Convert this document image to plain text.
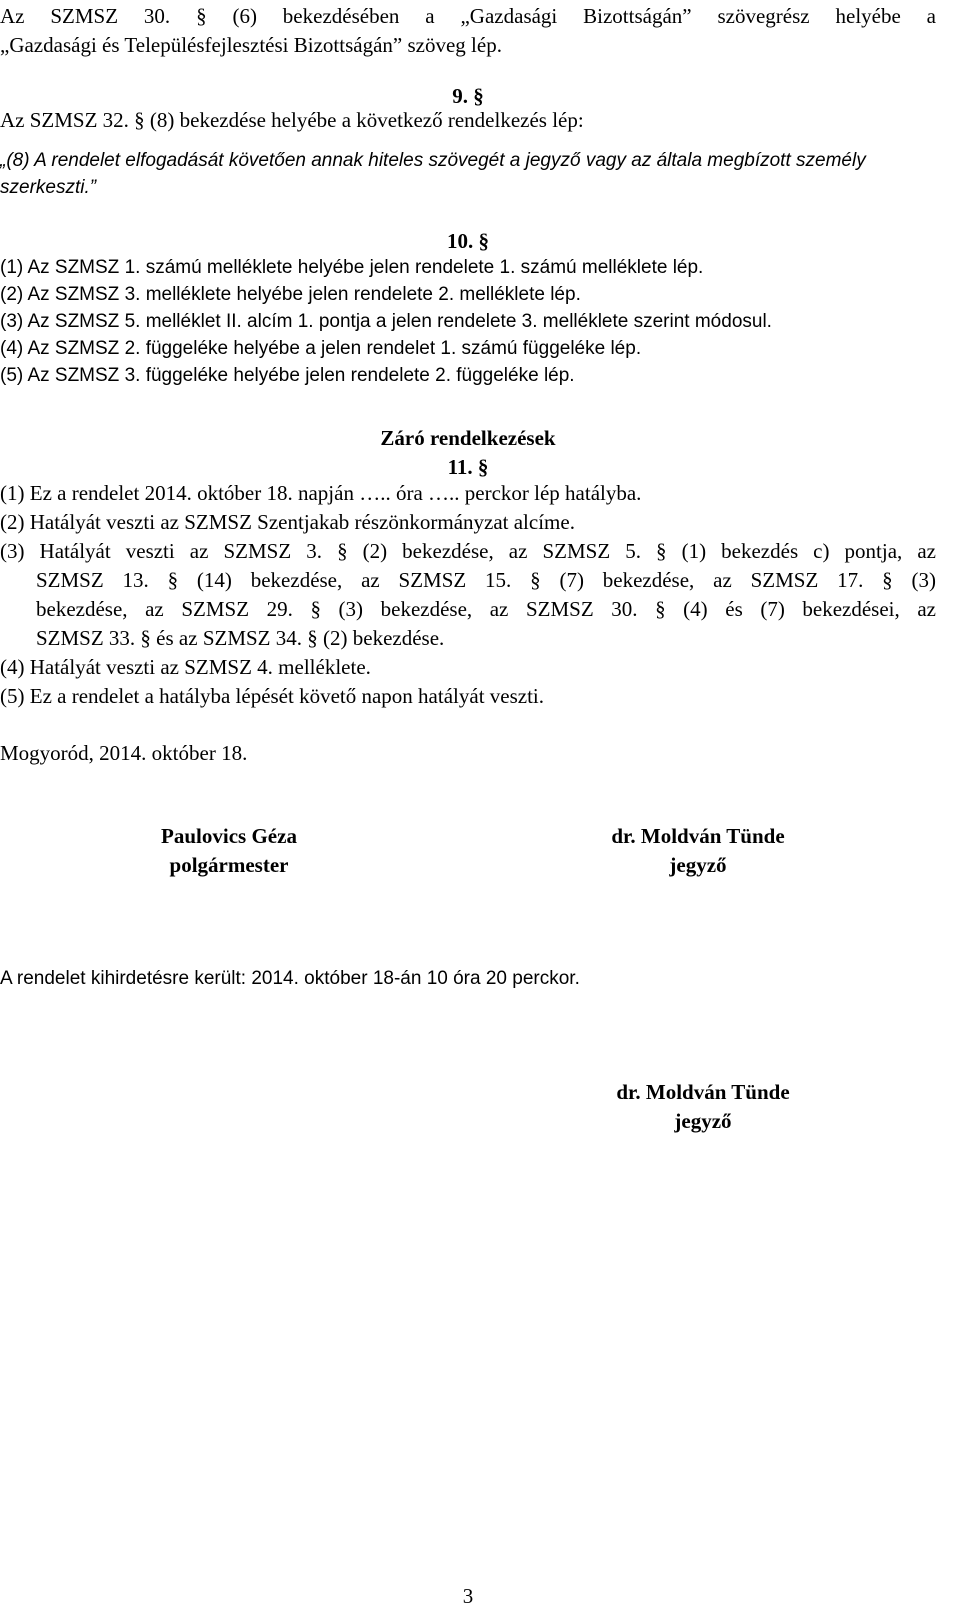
Az SZMSZ 30. § (6) bekezdésében a „Gazdasági Bizottságán” szövegrész helyébe a
„Gazdasági és Településfejlesztési Bizottságán” szöveg lép.
9. §
Az SZMSZ 32. § (8) bekezdése helyébe a következő rendelkezés lép:
„(8) A rendelet elfogadását követően annak hiteles szövegét a jegyző vagy az általa megbízott személy
szerkeszti.”
10. §
(1) Az SZMSZ 1. számú melléklete helyébe jelen rendelete 1. számú melléklete lép.
(2) Az SZMSZ 3. melléklete helyébe jelen rendelete 2. melléklete lép.
(3) Az SZMSZ 5. melléklet II. alcím 1. pontja a jelen rendelete 3. melléklete szerint módosul.
(4) Az SZMSZ 2. függeléke helyébe a jelen rendelet 1. számú függeléke lép.
(5) Az SZMSZ 3. függeléke helyébe jelen rendelete 2. függeléke lép.
Záró rendelkezések
11. §
(1) Ez a rendelet 2014. október 18. napján ….. óra ….. perckor lép hatályba.
(2) Hatályát veszti az SZMSZ Szentjakab részönkormányzat alcíme.
(3) Hatályát veszti az SZMSZ 3. § (2) bekezdése, az SZMSZ 5. § (1) bekezdés c) pontja, az
SZMSZ 13. § (14) bekezdése, az SZMSZ 15. § (7) bekezdése, az SZMSZ 17. § (3)
bekezdése, az SZMSZ 29. § (3) bekezdése, az SZMSZ 30. § (4) és (7) bekezdései, az
SZMSZ 33. § és az SZMSZ 34. § (2) bekezdése.
(4) Hatályát veszti az SZMSZ 4. melléklete.
(5) Ez a rendelet a hatályba lépését követő napon hatályát veszti.
Mogyoród, 2014. október 18.
Paulovics Géza
polgármester
dr. Moldván Tünde
jegyző
A rendelet kihirdetésre került: 2014. október 18-án 10 óra 20 perckor.
dr. Moldván Tünde
jegyző
3
